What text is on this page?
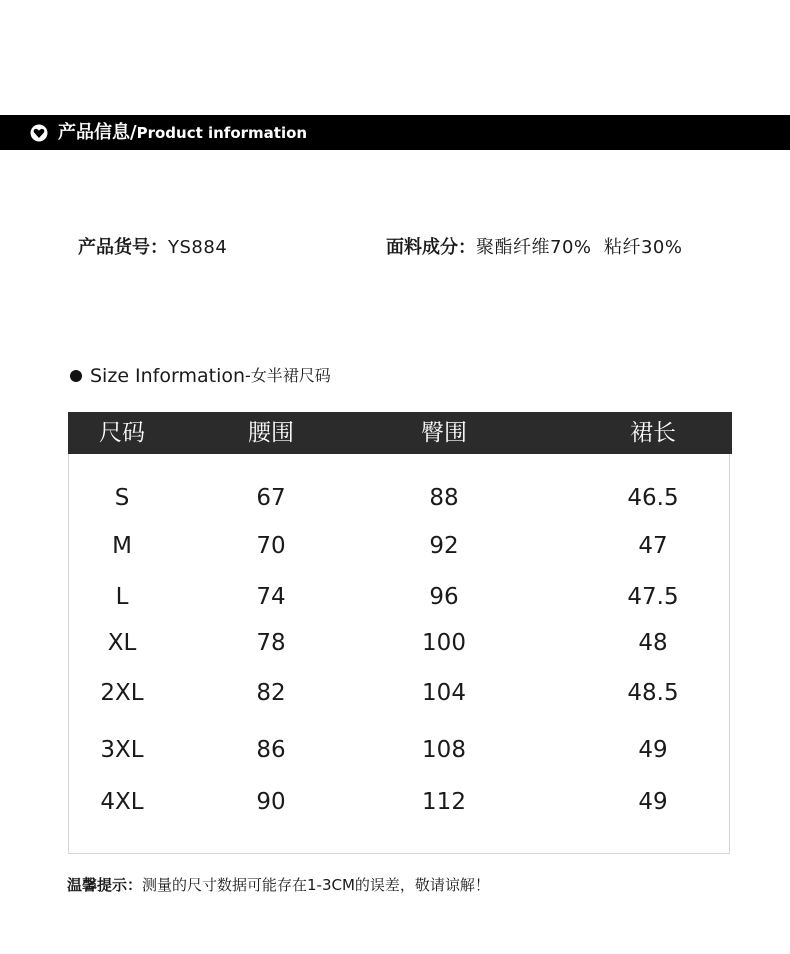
产品信息/Product information
产品货号：YS884	面料成分：聚酯纤维70%  粘纤30%
Size Information -女半裙尺码
尺码	腰围	臀围	裙长
S	67	88	46.5
M	70	92	47
L	74	96	47.5
XL	78	100	48
2XL	82	104	48.5
3XL	86	108	49
4XL	90	112	49
温馨提示：测量的尺寸数据可能存在1-3CM的误差，敬请谅解！
